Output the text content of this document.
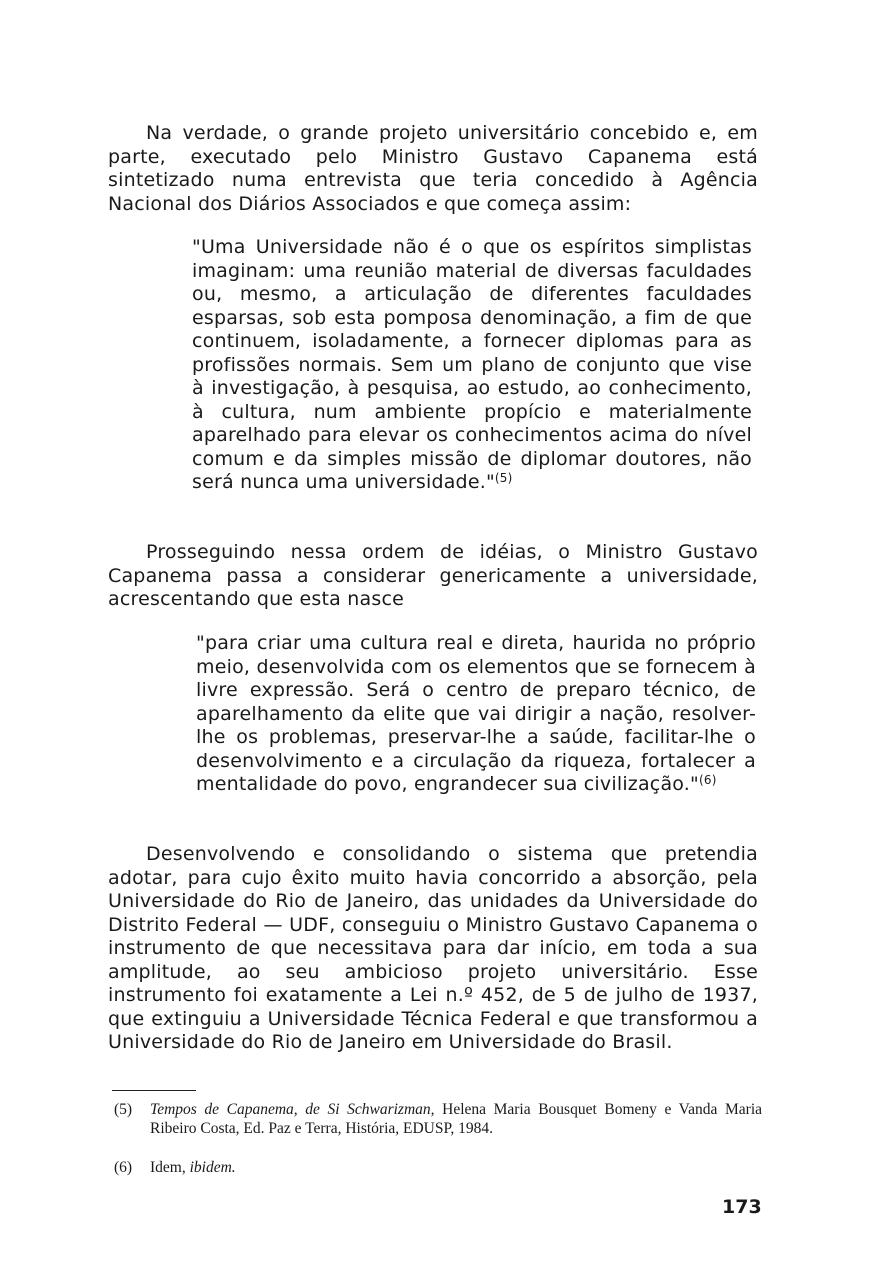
Na verdade, o grande projeto universitário concebido e, em parte, executado pelo Ministro Gustavo Capanema está sintetizado numa entrevista que teria concedido à Agência Nacional dos Diários Associados e que começa assim:

"Uma Universidade não é o que os espíritos simplistas imaginam: uma reunião material de diversas faculdades ou, mesmo, a articulação de diferentes faculdades esparsas, sob esta pomposa denominação, a fim de que continuem, isoladamente, a fornecer diplomas para as profissões normais. Sem um plano de conjunto que vise à investigação, à pesquisa, ao estudo, ao conhecimento, à cultura, num ambiente propício e materialmente aparelhado para elevar os conhecimentos acima do nível comum e da simples missão de diplomar doutores, não será nunca uma universidade."$^{(5)}$

Prosseguindo nessa ordem de idéias, o Ministro Gustavo Capanema passa a considerar genericamente a universidade, acrescentando que esta nasce

"para criar uma cultura real e direta, haurida no próprio meio, desenvolvida com os elementos que se fornecem à livre expressão. Será o centro de preparo técnico, de aparelhamento da elite que vai dirigir a nação, resolver-lhe os problemas, preservar-lhe a saúde, facilitar-lhe o desenvolvimento e a circulação da riqueza, fortalecer a mentalidade do povo, engrandecer sua civilização."$^{(6)}$

Desenvolvendo e consolidando o sistema que pretendia adotar, para cujo êxito muito havia concorrido a absorção, pela Universidade do Rio de Janeiro, das unidades da Universidade do Distrito Federal — UDF, conseguiu o Ministro Gustavo Capanema o instrumento de que necessitava para dar início, em toda a sua amplitude, ao seu ambicioso projeto universitário. Esse instrumento foi exatamente a Lei n.º 452, de 5 de julho de 1937, que extinguiu a Universidade Técnica Federal e que transformou a Universidade do Rio de Janeiro em Universidade do Brasil.

(5) Tempos de Capanema, de Si Schwarizman, Helena Maria Bousquet Bomeny e Vanda Maria Ribeiro Costa, Ed. Paz e Terra, História, EDUSP, 1984.

(6) Idem, ibidem.

173
